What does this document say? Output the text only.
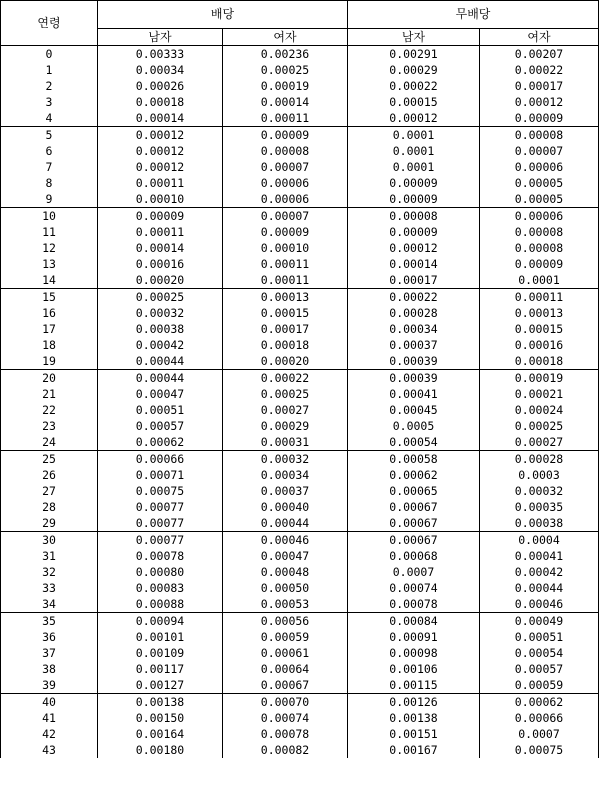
연령	배당		무배당	
	남자	여자	남자	여자
0	0.00333	0.00236	0.00291	0.00207
1	0.00034	0.00025	0.00029	0.00022
2	0.00026	0.00019	0.00022	0.00017
3	0.00018	0.00014	0.00015	0.00012
4	0.00014	0.00011	0.00012	0.00009
5	0.00012	0.00009	0.0001	0.00008
6	0.00012	0.00008	0.0001	0.00007
7	0.00012	0.00007	0.0001	0.00006
8	0.00011	0.00006	0.00009	0.00005
9	0.00010	0.00006	0.00009	0.00005
10	0.00009	0.00007	0.00008	0.00006
11	0.00011	0.00009	0.00009	0.00008
12	0.00014	0.00010	0.00012	0.00008
13	0.00016	0.00011	0.00014	0.00009
14	0.00020	0.00011	0.00017	0.0001
15	0.00025	0.00013	0.00022	0.00011
16	0.00032	0.00015	0.00028	0.00013
17	0.00038	0.00017	0.00034	0.00015
18	0.00042	0.00018	0.00037	0.00016
19	0.00044	0.00020	0.00039	0.00018
20	0.00044	0.00022	0.00039	0.00019
21	0.00047	0.00025	0.00041	0.00021
22	0.00051	0.00027	0.00045	0.00024
23	0.00057	0.00029	0.0005	0.00025
24	0.00062	0.00031	0.00054	0.00027
25	0.00066	0.00032	0.00058	0.00028
26	0.00071	0.00034	0.00062	0.0003
27	0.00075	0.00037	0.00065	0.00032
28	0.00077	0.00040	0.00067	0.00035
29	0.00077	0.00044	0.00067	0.00038
30	0.00077	0.00046	0.00067	0.0004
31	0.00078	0.00047	0.00068	0.00041
32	0.00080	0.00048	0.0007	0.00042
33	0.00083	0.00050	0.00074	0.00044
34	0.00088	0.00053	0.00078	0.00046
35	0.00094	0.00056	0.00084	0.00049
36	0.00101	0.00059	0.00091	0.00051
37	0.00109	0.00061	0.00098	0.00054
38	0.00117	0.00064	0.00106	0.00057
39	0.00127	0.00067	0.00115	0.00059
40	0.00138	0.00070	0.00126	0.00062
41	0.00150	0.00074	0.00138	0.00066
42	0.00164	0.00078	0.00151	0.0007
43	0.00180	0.00082	0.00167	0.00075
